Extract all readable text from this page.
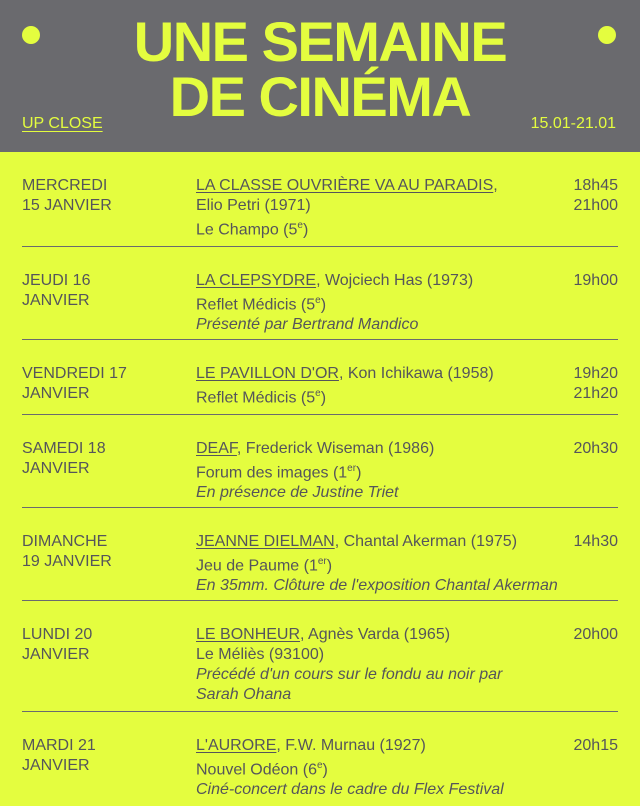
UNE SEMAINE
DE CINÉMA
UP CLOSE	15.01-21.01
MERCREDI
15 JANVIER
LA CLASSE OUVRIÈRE VA AU PARADIS,
Elio Petri (1971)
Le Champo (5e)
18h45
21h00
JEUDI 16
JANVIER
LA CLEPSYDRE, Wojciech Has (1973)
Reflet Médicis (5e)
Présenté par Bertrand Mandico
19h00
VENDREDI 17
JANVIER
LE PAVILLON D'OR, Kon Ichikawa (1958)
Reflet Médicis (5e)
19h20
21h20
SAMEDI 18
JANVIER
DEAF, Frederick Wiseman (1986)
Forum des images (1er)
En présence de Justine Triet
20h30
DIMANCHE
19 JANVIER
JEANNE DIELMAN, Chantal Akerman (1975)
Jeu de Paume (1er)
En 35mm. Clôture de l'exposition Chantal Akerman
14h30
LUNDI 20
JANVIER
LE BONHEUR, Agnès Varda (1965)
Le Méliès (93100)
Précédé d'un cours sur le fondu au noir par
Sarah Ohana
20h00
MARDI 21
JANVIER
L'AURORE, F.W. Murnau (1927)
Nouvel Odéon (6e)
Ciné-concert dans le cadre du Flex Festival
20h15
